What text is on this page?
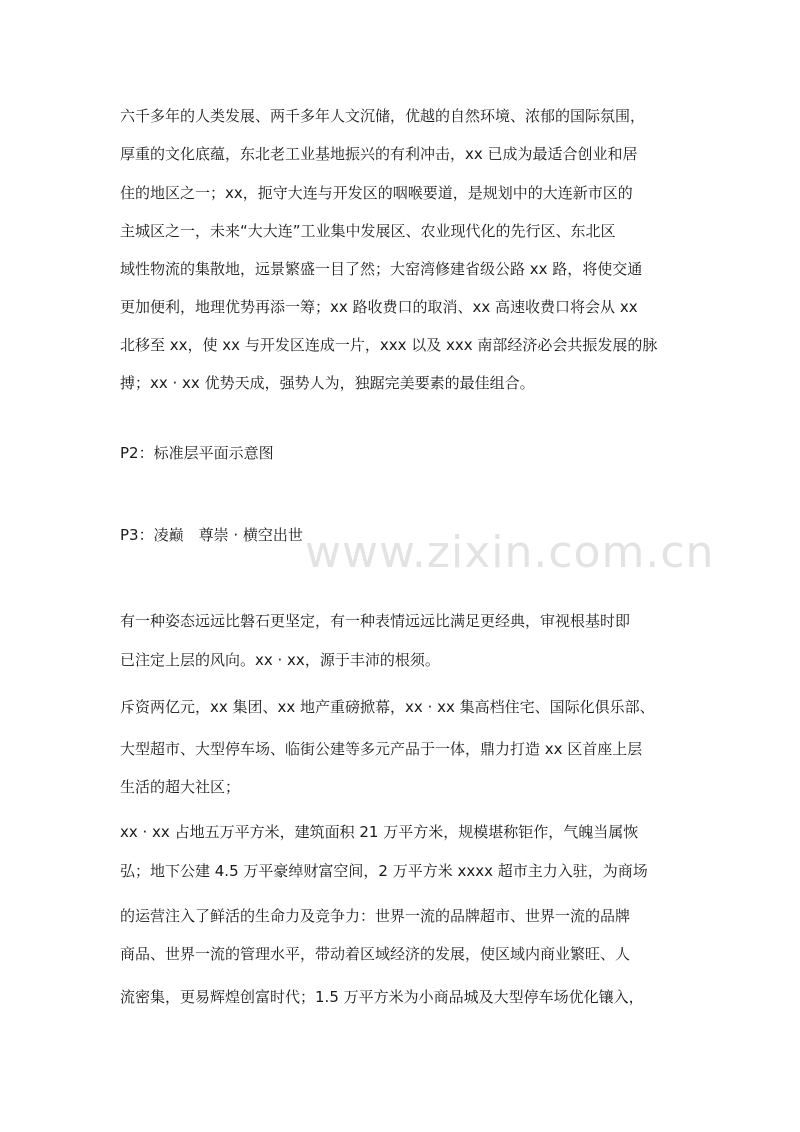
六千多年的人类发展、两千多年人文沉储，优越的自然环境、浓郁的国际氛围，
厚重的文化底蕴，东北老工业基地振兴的有利冲击，xx 已成为最适合创业和居
住的地区之一；xx，扼守大连与开发区的咽喉要道，是规划中的大连新市区的
主城区之一，未来“大大连”工业集中发展区、农业现代化的先行区、东北区
域性物流的集散地，远景繁盛一目了然；大窑湾修建省级公路 xx 路，将使交通
更加便利，地理优势再添一筹；xx 路收费口的取消、xx 高速收费口将会从 xx
北移至 xx，使 xx 与开发区连成一片，xxx 以及 xxx 南部经济必会共振发展的脉
搏；xx · xx 优势天成，强势人为，独踞完美要素的最佳组合。
P2：标准层平面示意图
P3：凌巅　尊崇 · 横空出世 www.zixin.com.cn
有一种姿态远远比磐石更坚定，有一种表情远远比满足更经典，审视根基时即
已注定上层的风向。xx · xx，源于丰沛的根须。
斥资两亿元，xx 集团、xx 地产重磅掀幕，xx · xx 集高档住宅、国际化俱乐部、
大型超市、大型停车场、临街公建等多元产品于一体，鼎力打造 xx 区首座上层
生活的超大社区；
xx · xx 占地五万平方米，建筑面积 21 万平方米，规模堪称钜作，气魄当属恢
弘；地下公建 4.5 万平豪绰财富空间，2 万平方米 xxxx 超市主力入驻，为商场
的运营注入了鲜活的生命力及竞争力：世界一流的品牌超市、世界一流的品牌
商品、世界一流的管理水平，带动着区域经济的发展，使区域内商业繁旺、人
流密集，更易辉煌创富时代；1.5 万平方米为小商品城及大型停车场优化镶入，
